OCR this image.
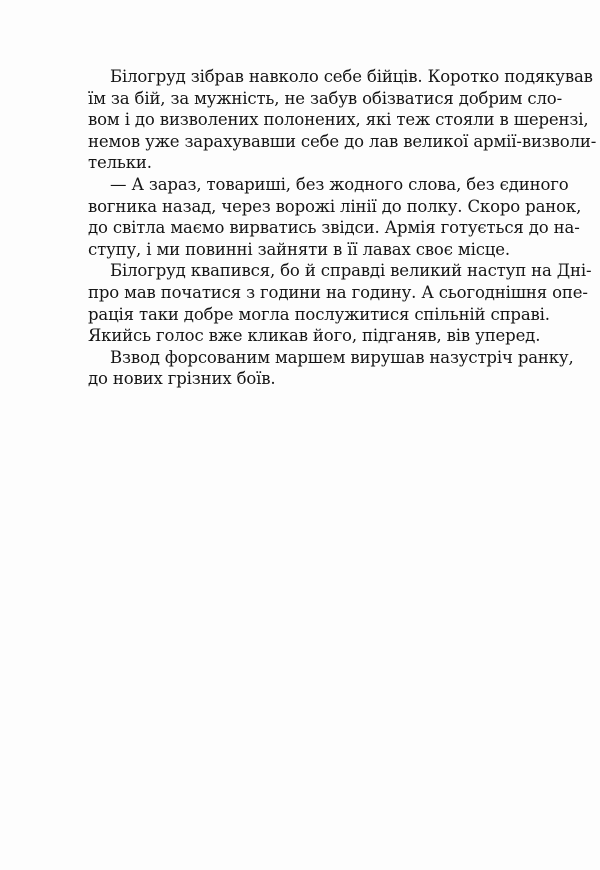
Білогруд зібрав навколо себе бійців. Коротко подякував
їм за бій, за мужність, не забув обізватися добрим сло-
вом і до визволених полонених, які теж стояли в шерензі,
немов уже зарахувавши себе до лав великої армії-визволи-
тельки.
— А зараз, товариші, без жодного слова, без єдиного
вогника назад, через ворожі лінії до полку. Скоро ранок,
до світла маємо вирватись звідси. Армія готується до на-
ступу, і ми повинні зайняти в її лавах своє місце.
Білогруд квапився, бо й справді великий наступ на Дні-
про мав початися з години на годину. А сьогоднішня опе-
рація таки добре могла послужитися спільній справі.
Якийсь голос вже кликав його, підганяв, вів уперед.
Взвод форсованим маршем вирушав назустріч ранку,
до нових грізних боїв.
